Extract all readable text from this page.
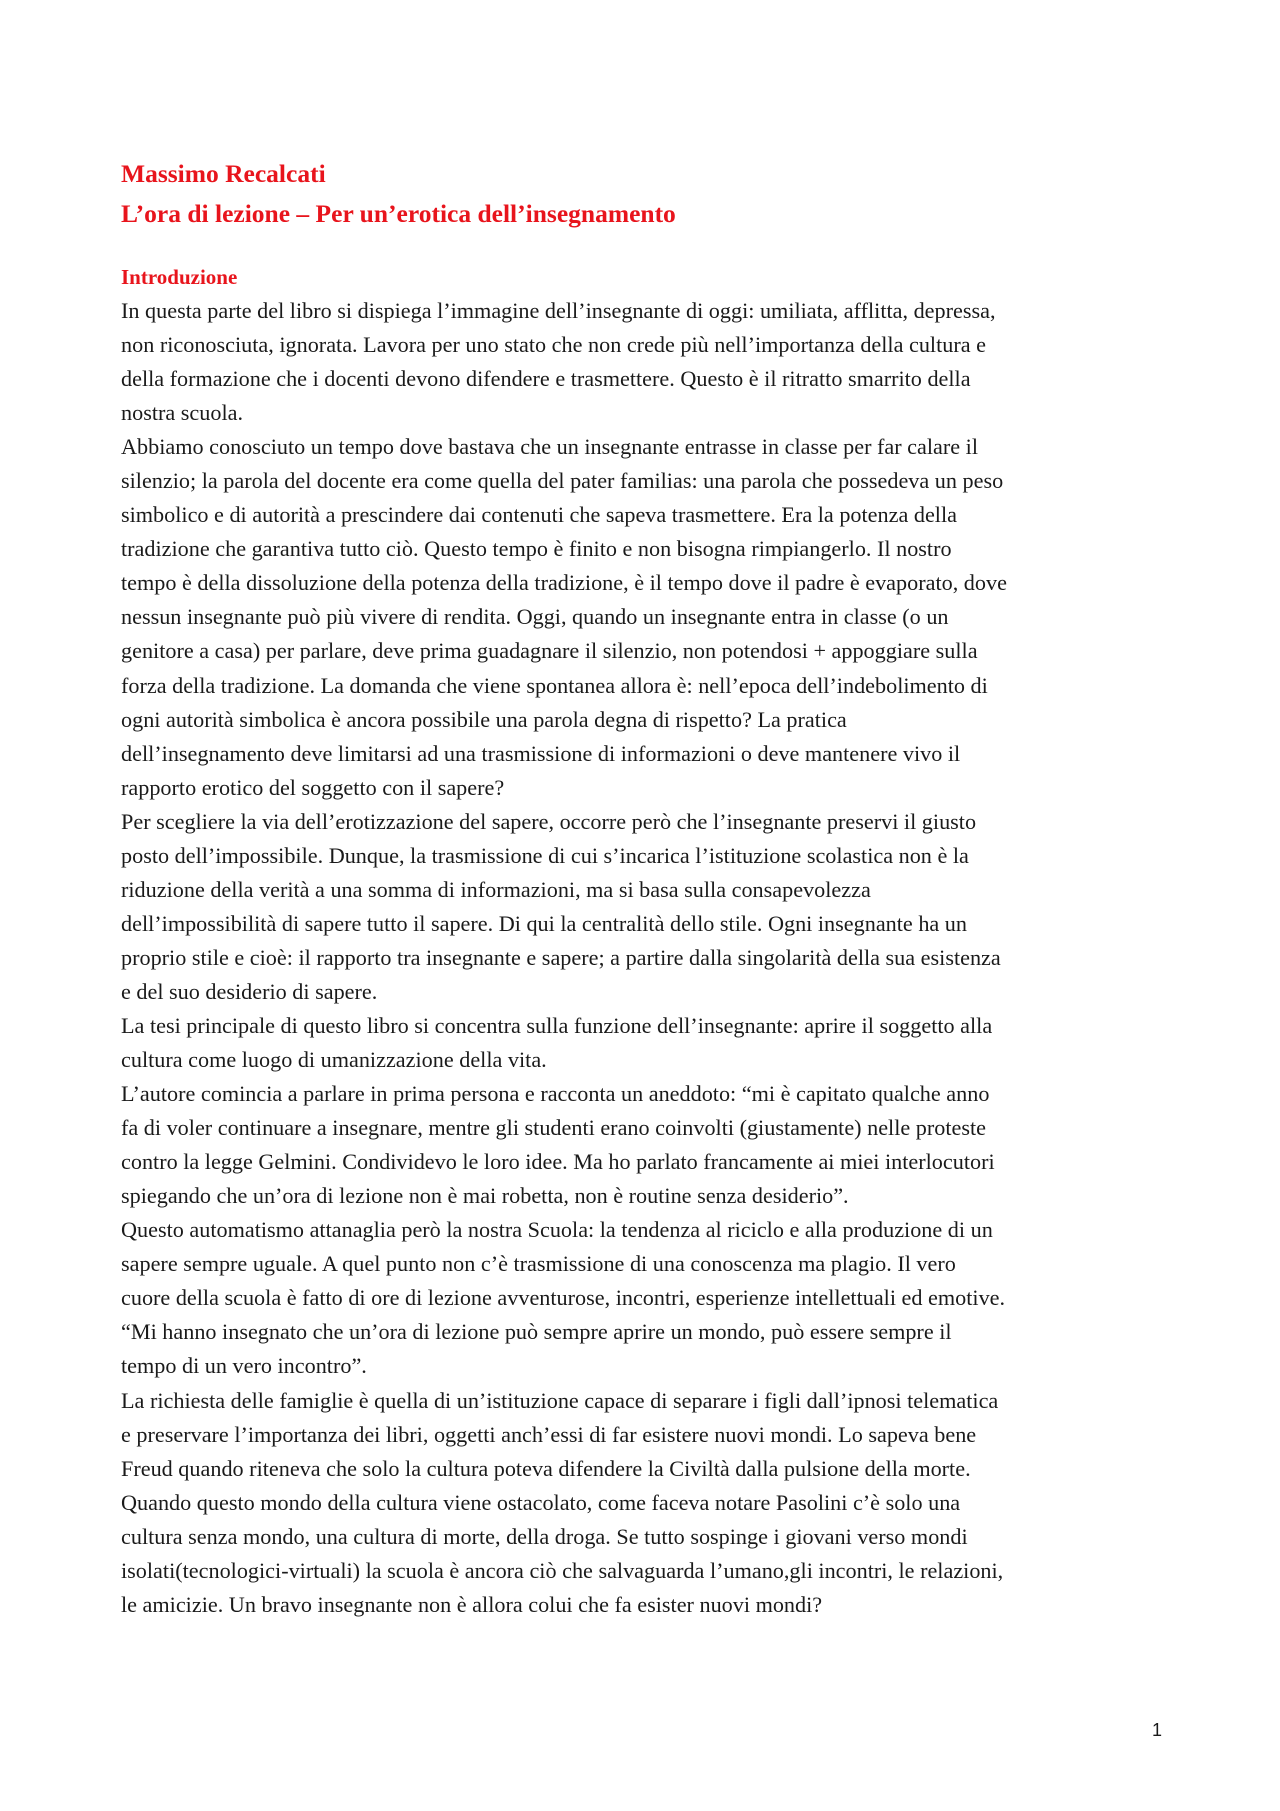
Massimo Recalcati
L’ora di lezione – Per un’erotica dell’insegnamento
Introduzione
In questa parte del libro si dispiega l’immagine dell’insegnante di oggi: umiliata, afflitta, depressa,
non riconosciuta, ignorata. Lavora per uno stato che non crede più nell’importanza della cultura e
della formazione che i docenti devono difendere e trasmettere. Questo è il ritratto smarrito della
nostra scuola.
Abbiamo conosciuto un tempo dove bastava che un insegnante entrasse in classe per far calare il
silenzio; la parola del docente era come quella del pater familias: una parola che possedeva un peso
simbolico e di autorità a prescindere dai contenuti che sapeva trasmettere. Era la potenza della
tradizione che garantiva tutto ciò. Questo tempo è finito e non bisogna rimpiangerlo. Il nostro
tempo è della dissoluzione della potenza della tradizione, è il tempo dove il padre è evaporato, dove
nessun insegnante può più vivere di rendita. Oggi, quando un insegnante entra in classe (o un
genitore a casa) per parlare, deve prima guadagnare il silenzio, non potendosi + appoggiare sulla
forza della tradizione. La domanda che viene spontanea allora è: nell’epoca dell’indebolimento di
ogni autorità simbolica è ancora possibile una parola degna di rispetto? La pratica
dell’insegnamento deve limitarsi ad una trasmissione di informazioni o deve mantenere vivo il
rapporto erotico del soggetto con il sapere?
Per scegliere la via dell’erotizzazione del sapere, occorre però che l’insegnante preservi il giusto
posto dell’impossibile. Dunque, la trasmissione di cui s’incarica l’istituzione scolastica non è la
riduzione della verità a una somma di informazioni, ma si basa sulla consapevolezza
dell’impossibilità di sapere tutto il sapere. Di qui la centralità dello stile. Ogni insegnante ha un
proprio stile e cioè: il rapporto tra insegnante e sapere; a partire dalla singolarità della sua esistenza
e del suo desiderio di sapere.
La tesi principale di questo libro si concentra sulla funzione dell’insegnante: aprire il soggetto alla
cultura come luogo di umanizzazione della vita.
L’autore comincia a parlare in prima persona e racconta un aneddoto: “mi è capitato qualche anno
fa di voler continuare a insegnare, mentre gli studenti erano coinvolti (giustamente) nelle proteste
contro la legge Gelmini. Condividevo le loro idee. Ma ho parlato francamente ai miei interlocutori
spiegando che un’ora di lezione non è mai robetta, non è routine senza desiderio”.
Questo automatismo attanaglia però la nostra Scuola: la tendenza al riciclo e alla produzione di un
sapere sempre uguale. A quel punto non c’è trasmissione di una conoscenza ma plagio. Il vero
cuore della scuola è fatto di ore di lezione avventurose, incontri, esperienze intellettuali ed emotive.
“Mi hanno insegnato che un’ora di lezione può sempre aprire un mondo, può essere sempre il
tempo di un vero incontro”.
La richiesta delle famiglie è quella di un’istituzione capace di separare i figli dall’ipnosi telematica
e preservare l’importanza dei libri, oggetti anch’essi di far esistere nuovi mondi. Lo sapeva bene
Freud quando riteneva che solo la cultura poteva difendere la Civiltà dalla pulsione della morte.
Quando questo mondo della cultura viene ostacolato, come faceva notare Pasolini c’è solo una
cultura senza mondo, una cultura di morte, della droga. Se tutto sospinge i giovani verso mondi
isolati(tecnologici-virtuali) la scuola è ancora ciò che salvaguarda l’umano,gli incontri, le relazioni,
le amicizie. Un bravo insegnante non è allora colui che fa esister nuovi mondi?
1
